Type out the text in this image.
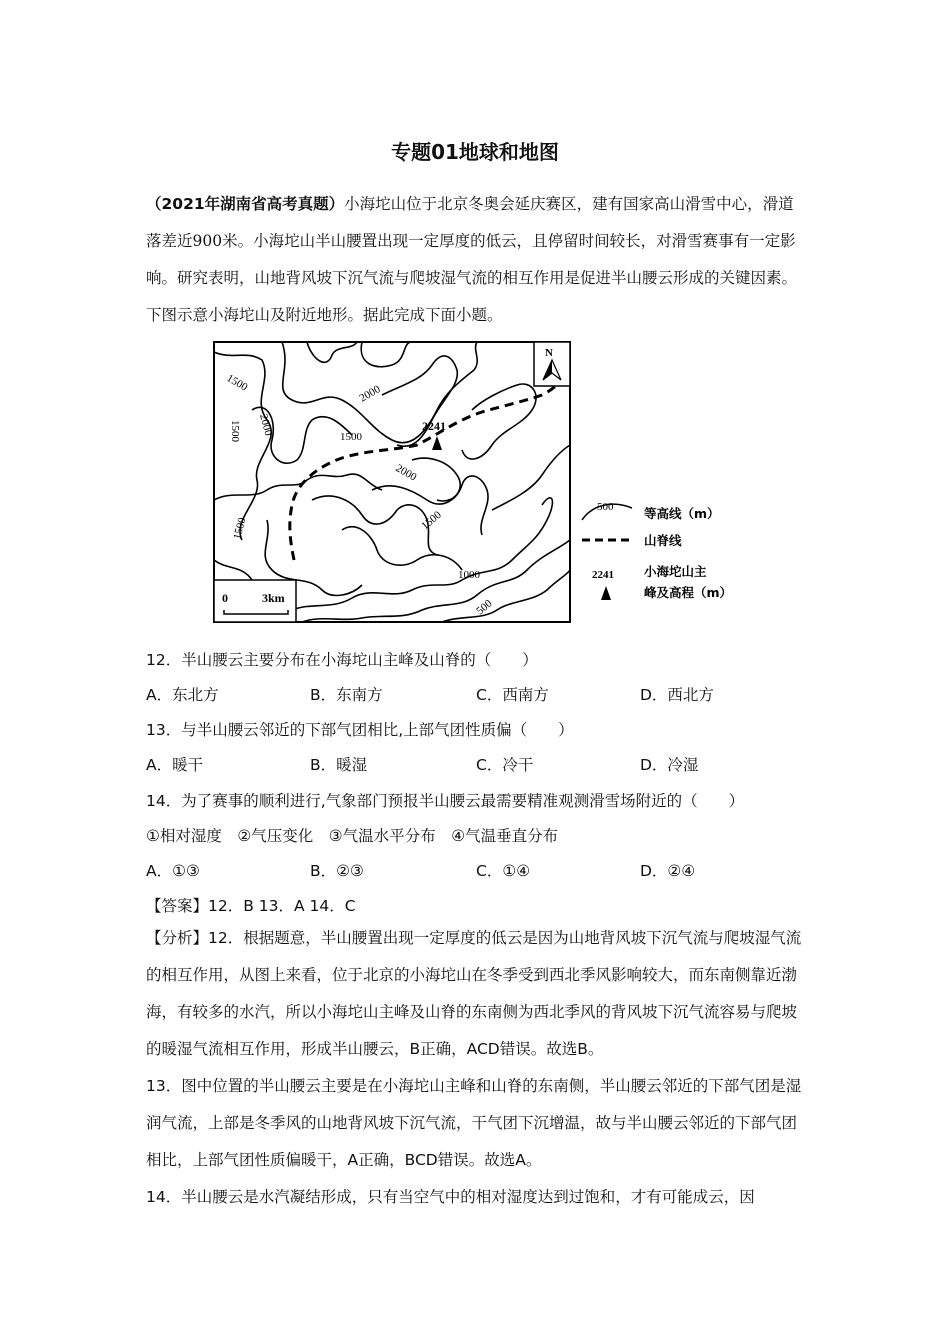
专题01地球和地图
（2021年湖南省高考真题）小海坨山位于北京冬奥会延庆赛区，建有国家高山滑雪中心，滑道落差近900米。小海坨山半山腰置出现一定厚度的低云，且停留时间较长，对滑雪赛事有一定影响。研究表明，山地背风坡下沉气流与爬坡湿气流的相互作用是促进半山腰云形成的关键因素。下图示意小海坨山及附近地形。据此完成下面小题。
2241
N
1500
2000
1500
1500 2000
2000
1500
1500
1000
500
0	3km
500 等高线（m）
山脊线
2241 小海坨山主
峰及高程（m）
12．半山腰云主要分布在小海坨山主峰及山脊的（　　）
A．东北方	B．东南方	C．西南方	D．西北方
13．与半山腰云邻近的下部气团相比,上部气团性质偏（　　）
A．暖干	B．暖湿	C．冷干	D．冷湿
14．为了赛事的顺利进行,气象部门预报半山腰云最需要精准观测滑雪场附近的（　　）
①相对湿度　②气压变化　③气温水平分布　④气温垂直分布
A．①③	B．②③	C．①④	D．②④
【答案】12．B 13．A 14．C
【分析】12．根据题意，半山腰置出现一定厚度的低云是因为山地背风坡下沉气流与爬坡湿气流的相互作用，从图上来看，位于北京的小海坨山在冬季受到西北季风影响较大，而东南侧靠近渤海，有较多的水汽，所以小海坨山主峰及山脊的东南侧为西北季风的背风坡下沉气流容易与爬坡的暖湿气流相互作用，形成半山腰云，B正确，ACD错误。故选B。
13．图中位置的半山腰云主要是在小海坨山主峰和山脊的东南侧，半山腰云邻近的下部气团是湿润气流，上部是冬季风的山地背风坡下沉气流，干气团下沉增温，故与半山腰云邻近的下部气团相比，上部气团性质偏暖干，A正确，BCD错误。故选A。
14．半山腰云是水汽凝结形成，只有当空气中的相对湿度达到过饱和，才有可能成云，因
